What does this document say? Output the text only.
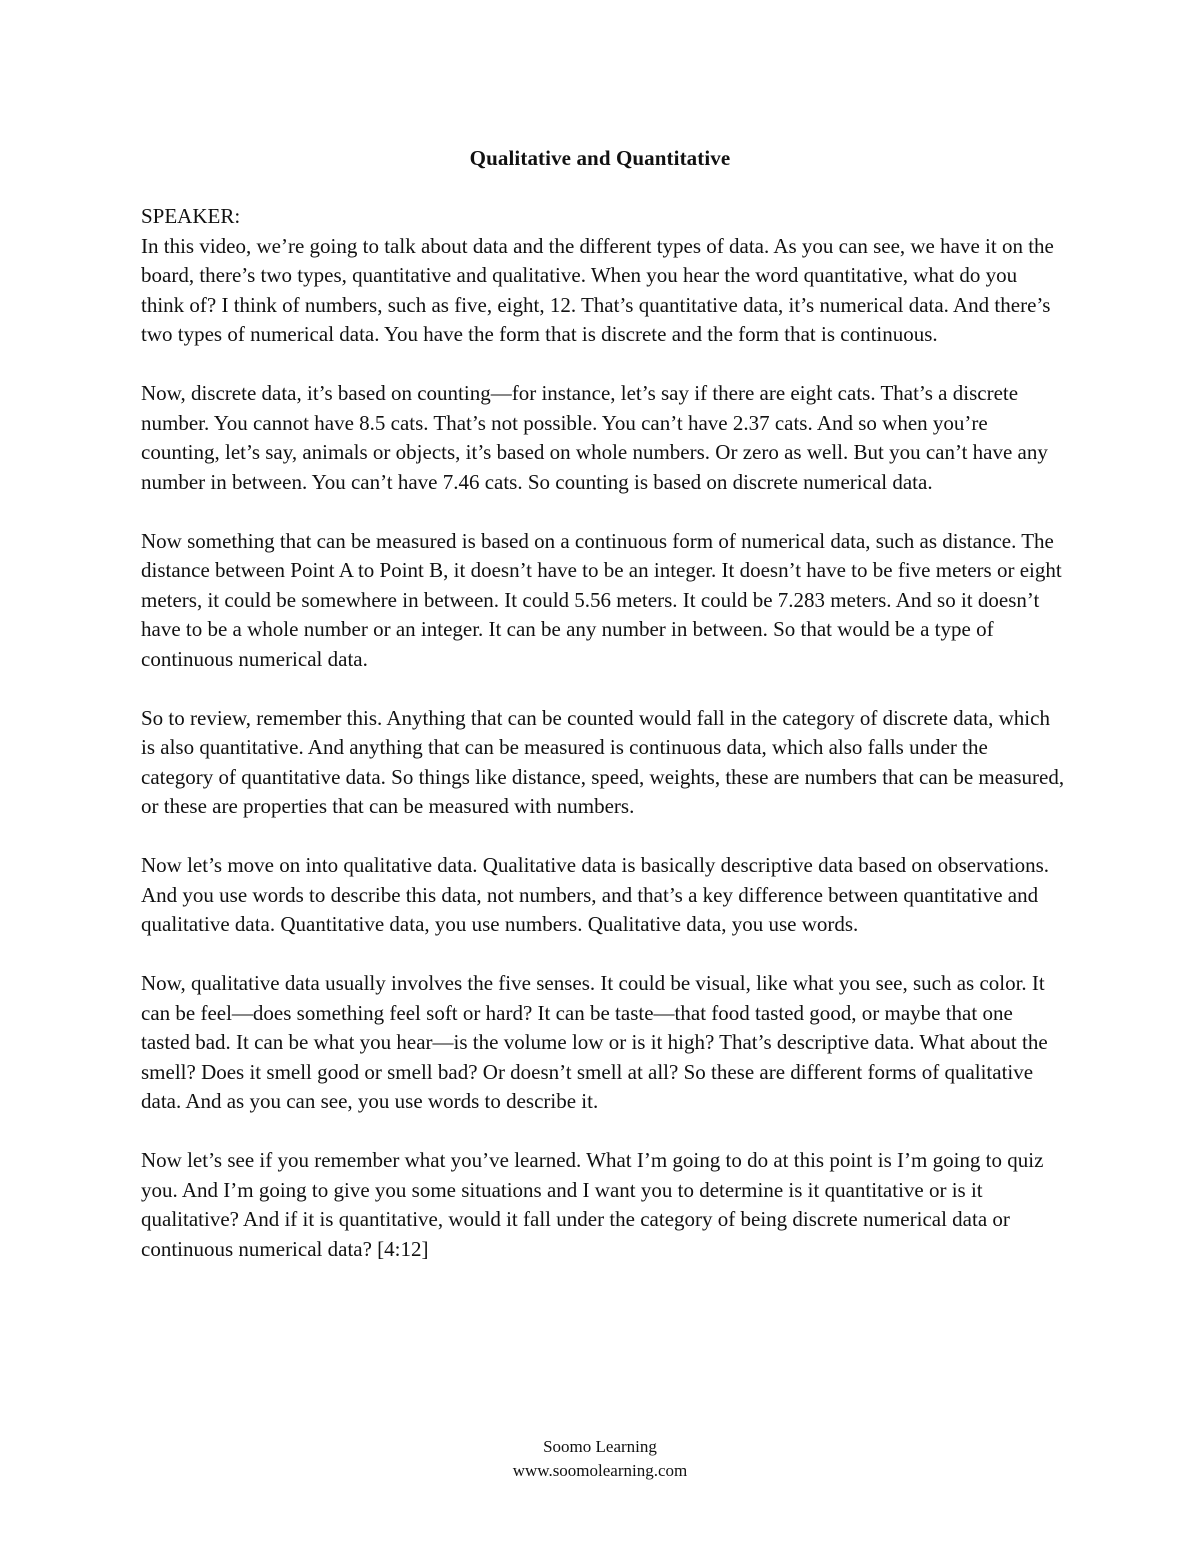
Qualitative and Quantitative
SPEAKER:

In this video, we’re going to talk about data and the different types of data. As you can see, we have it on the board, there’s two types, quantitative and qualitative. When you hear the word quantitative, what do you think of? I think of numbers, such as five, eight, 12. That’s quantitative data, it’s numerical data. And there’s two types of numerical data. You have the form that is discrete and the form that is continuous.

Now, discrete data, it’s based on counting—for instance, let’s say if there are eight cats. That’s a discrete number. You cannot have 8.5 cats. That’s not possible. You can’t have 2.37 cats. And so when you’re counting, let’s say, animals or objects, it’s based on whole numbers. Or zero as well. But you can’t have any number in between. You can’t have 7.46 cats. So counting is based on discrete numerical data.

Now something that can be measured is based on a continuous form of numerical data, such as distance. The distance between Point A to Point B, it doesn’t have to be an integer. It doesn’t have to be five meters or eight meters, it could be somewhere in between. It could 5.56 meters. It could be 7.283 meters. And so it doesn’t have to be a whole number or an integer. It can be any number in between. So that would be a type of continuous numerical data.

So to review, remember this. Anything that can be counted would fall in the category of discrete data, which is also quantitative. And anything that can be measured is continuous data, which also falls under the category of quantitative data. So things like distance, speed, weights, these are numbers that can be measured, or these are properties that can be measured with numbers.

Now let’s move on into qualitative data. Qualitative data is basically descriptive data based on observations. And you use words to describe this data, not numbers, and that’s a key difference between quantitative and qualitative data. Quantitative data, you use numbers. Qualitative data, you use words.

Now, qualitative data usually involves the five senses. It could be visual, like what you see, such as color. It can be feel—does something feel soft or hard? It can be taste—that food tasted good, or maybe that one tasted bad. It can be what you hear—is the volume low or is it high? That’s descriptive data. What about the smell? Does it smell good or smell bad? Or doesn’t smell at all? So these are different forms of qualitative data. And as you can see, you use words to describe it.

Now let’s see if you remember what you’ve learned. What I’m going to do at this point is I’m going to quiz you. And I’m going to give you some situations and I want you to determine is it quantitative or is it qualitative? And if it is quantitative, would it fall under the category of being discrete numerical data or continuous numerical data? [4:12]

Soomo Learning
www.soomolearning.com
